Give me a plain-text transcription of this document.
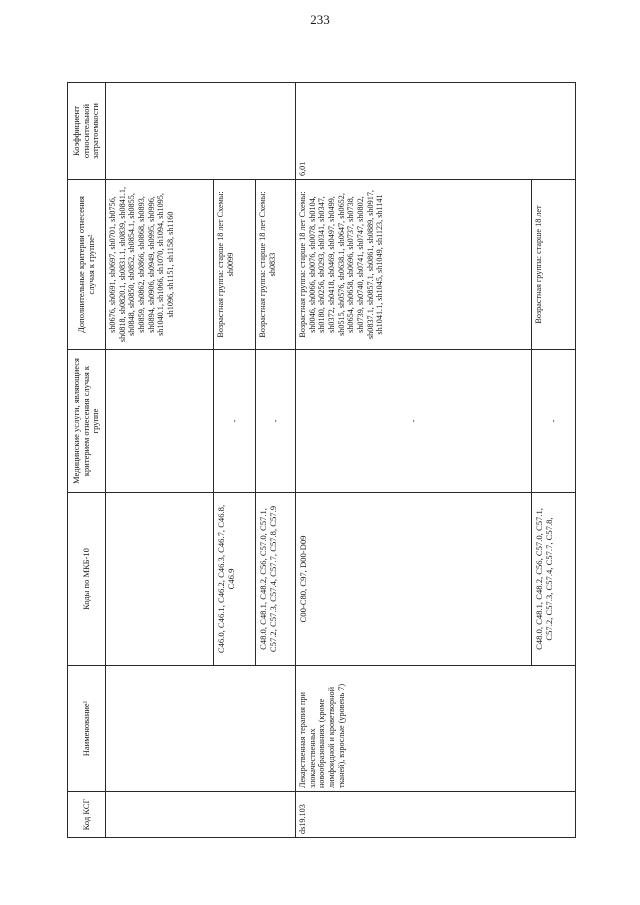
233
Код КСГ	Наименование¹	Коды по МКБ-10	Медицинские услуги, являющиеся критерием отнесения случая к группе	Дополнительные критерии отнесения случая к группе²	Коэффициент относительной затратоемкости
				sh0676, sh0691, sh0697, sh0701, sh0756, sh0818, sh0820.1, sh0831.1, sh0839, sh0841.1, sh0848, sh0850, sh0852, sh0854.1, sh0855, sh0859, sh0862, sh0866, sh0868, sh0893, sh0894, sh0906, sh0949, sh0995, sh0996, sh1040.1, sh1066, sh1070, sh1094, sh1095, sh1096, sh1151, sh1158, sh1160	
		C46.0, C46.1, C46.2, C46.3, C46.7, C46.8, C46.9	-	Возрастная группа: старше 18 лет Схемы: sh0099	
		C48.0, C48.1, C48.2, C56, C57.0, C57.1, C57.2, C57.3, C57.4, C57.7, C57.8, C57.9	-	Возрастная группа: старше 18 лет Схемы: sh0833	
ds19.103	Лекарственная терапия при злокачественных новообразованиях (кроме лимфоидной и кроветворной тканей), взрослые (уровень 7)	C00-C80, C97, D00-D09	-	Возрастная группа: старше 18 лет Схемы: sh0046, sh0066, sh0076, sh0078, sh0104, sh0180, sh0256, sh0293, sh0341, sh0347, sh0372, sh0418, sh0469, sh0497, sh0499, sh0515, sh0576, sh0638.1, sh0647, sh0652, sh0654, sh0658, sh0696, sh0737, sh0738, sh0739, sh0740, sh0741, sh0747, sh0802, sh0837.1, sh0857.1, sh0861, sh0889, sh0917, sh1041.1, sh1045, sh1049, sh1123, sh1141	6,01
		C48.0, C48.1, C48.2, C56, C57.0, C57.1, C57.2, C57.3, C57.4, C57.7, C57.8,	-	Возрастная группа: старше 18 лет	
